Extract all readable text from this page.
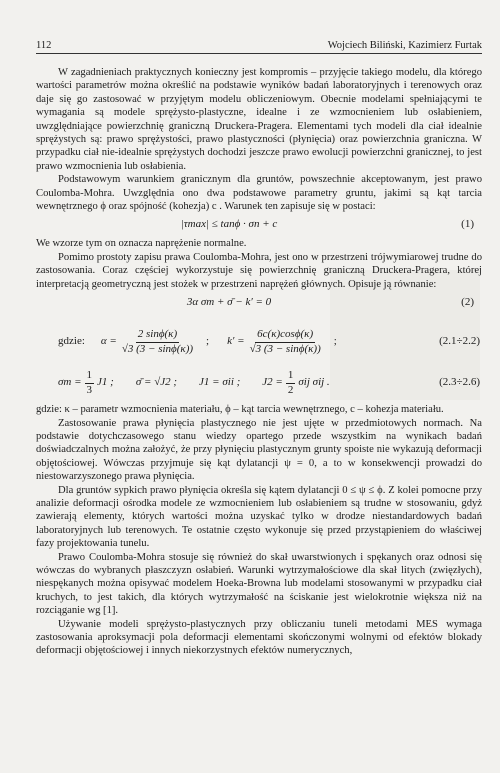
112	Wojciech Biliński, Kazimierz Furtak

W zagadnieniach praktycznych konieczny jest kompromis – przyjęcie takiego modelu, dla którego wartości parametrów można określić na podstawie wyników badań laboratoryjnych i terenowych oraz daje się go zastosować w przyjętym modelu obliczeniowym. Obecnie modelami spełniającymi te wymagania są modele sprężysto-plastyczne, idealne i ze wzmocnieniem lub osłabieniem, uwzględniające powierzchnię graniczną Druckera-Pragera. Elementami tych modeli dla ciał idealnie sprężystych są: prawo sprężystości, prawo plastyczności (płynięcia) oraz powierzchnia graniczna. W przypadku ciał nie-idealnie sprężystych dochodzi jeszcze prawo ewolucji powierzchni granicznej, to jest prawo wzmocnienia lub osłabienia.

Podstawowym warunkiem granicznym dla gruntów, powszechnie akceptowanym, jest prawo Coulomba-Mohra. Uwzględnia ono dwa podstawowe parametry gruntu, jakimi są kąt tarcia wewnętrznego ϕ oraz spójność (kohezja) c . Warunek ten zapisuje się w postaci:

|τmax| ≤ tanϕ · σn + c	(1)

We wzorze tym σn oznacza naprężenie normalne.

Pomimo prostoty zapisu prawa Coulomba-Mohra, jest ono w przestrzeni trójwymiarowej trudne do zastosowania. Coraz częściej wykorzystuje się powierzchnię graniczną Druckera-Pragera, której interpretacją geometryczną jest stożek w przestrzeni naprężeń głównych. Opisuje ją równanie:

3α σm + σ̄ − k′ = 0	(2)
gdzie: $\alpha = \frac{2 \sin\phi(\kappa)}{√3 (3 - \sin\phi(\kappa))}$ ; $k' = \frac{6c(\kappa)\cos\phi(\kappa)}{√3 (3 - \sin\phi(\kappa))}$ ;	(2.1÷2.2)
$\sigma m = \frac{1}{3} J1$ ; σ̄ = √J2 ; J1 = σii ; $J2 = \frac{1}{2}$ σij σij .	(2.3÷2.6)

gdzie: κ – parametr wzmocnienia materiału, ϕ – kąt tarcia wewnętrznego, c – kohezja materiału.

Zastosowanie prawa płynięcia plastycznego nie jest ujęte w przedmiotowych normach. Na podstawie dotychczasowego stanu wiedzy opartego przede wszystkim na wynikach badań doświadczalnych można założyć, że przy płynięciu plastycznym grunty spoiste nie wykazują deformacji objętościowej. Wówczas przyjmuje się kąt dylatancji ψ = 0, a to w konsekwencji prowadzi do niestowarzyszonego prawa płynięcia.

Dla gruntów sypkich prawo płynięcia określa się kątem dylatancji 0 ≤ ψ ≤ ϕ. Z kolei pomocne przy analizie deformacji ośrodka modele ze wzmocnieniem lub osłabieniem są trudne w stosowaniu, gdyż zawierają elementy, których wartości można uzyskać tylko w drodze niestandardowych badań laboratoryjnych lub terenowych. Te ostatnie często wykonuje się przed przystąpieniem do właściwej fazy projektowania tunelu.

Prawo Coulomba-Mohra stosuje się również do skał uwarstwionych i spękanych oraz odnosi się wówczas do wybranych płaszczyzn osłabień. Warunki wytrzymałościowe dla skał litych (zwięzłych), niespękanych można opisywać modelem Hoeka-Browna lub modelami stosowanymi w przypadku ciał kruchych, to jest takich, dla których wytrzymałość na ściskanie jest wielokrotnie większa niż na rozciąganie wg [1].

Używanie modeli sprężysto-plastycznych przy obliczaniu tuneli metodami MES wymaga zastosowania aproksymacji pola deformacji elementami skończonymi wolnymi od efektów blokady deformacji objętościowej i innych niekorzystnych efektów numerycznych,
